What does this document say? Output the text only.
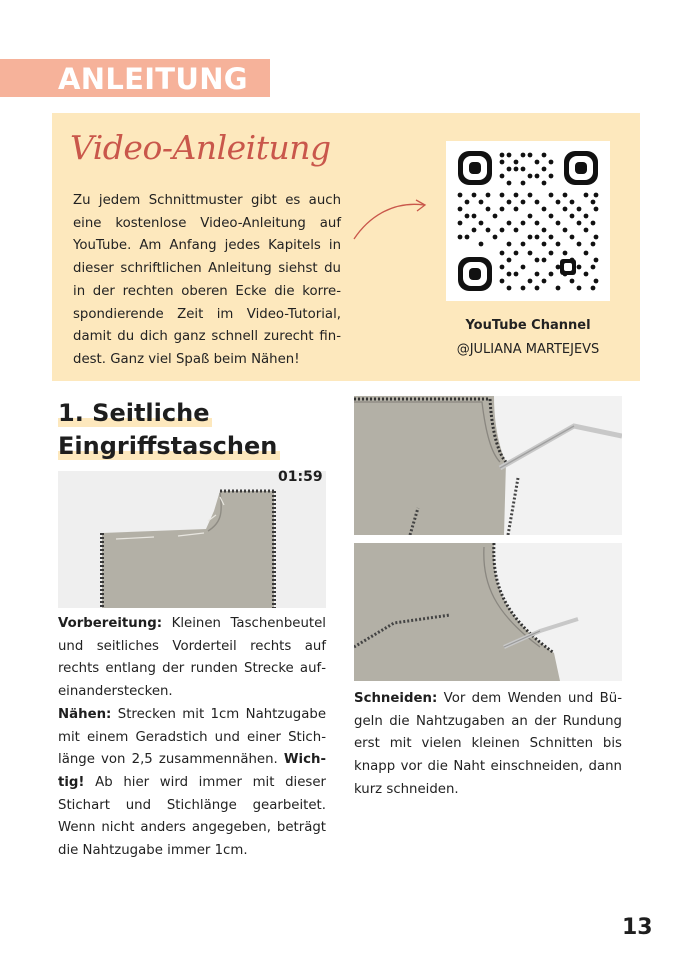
ANLEITUNG
Video-Anleitung

Zu jedem Schnittmuster gibt es auch eine kostenlose Video-Anleitung auf YouTube. Am Anfang jedes Kapitels in dieser schriftlichen Anleitung siehst du in der rechten oberen Ecke die korrespondierende Zeit im Video-Tutorial, damit du dich ganz schnell zurecht findest. Ganz viel Spaß beim Nähen!

YouTube Channel
@JULIANA MARTEJEVS
1. Seitliche
Eingriffstaschen
01:59

Vorbereitung: Kleinen Taschenbeutel und seitliches Vorderteil rechts auf rechts entlang der runden Strecke aufeinanderstecken.
Nähen: Strecken mit 1cm Nahtzugabe mit einem Geradstich und einer Stichlänge von 2,5 zusammennähen. Wichtig! Ab hier wird immer mit dieser Stichart und Stichlänge gearbeitet. Wenn nicht anders angegeben, beträgt die Nahtzugabe immer 1cm.

Schneiden: Vor dem Wenden und Bügeln die Nahtzugaben an der Rundung erst mit vielen kleinen Schnitten bis knapp vor die Naht einschneiden, dann kurz schneiden.

13
